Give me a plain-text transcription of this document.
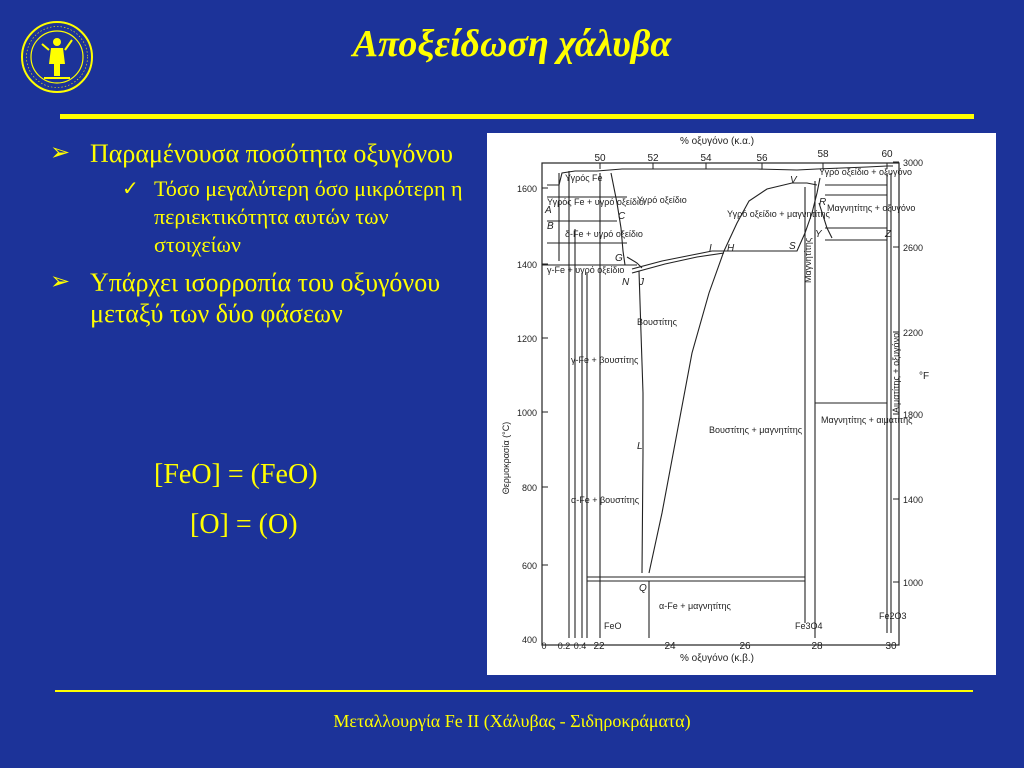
Αποξείδωση χάλυβα
➢ Παραμένουσα ποσότητα οξυγόνου
✓ Τόσο μεγαλύτερη όσο μικρότερη η περιεκτικότητα αυτών των στοιχείων
➢ Υπάρχει ισορροπία του οξυγόνου μεταξύ των δύο φάσεων
[FeO] = (FeO)
[O] = (O)
% οξυγόνο (κ.α.)
% οξυγόνο (κ.β.)
Θερμοκρασία (°C)
°F
50	52	54	56	58	60
0 0.2 0.4 22	24	26	28	30
1600
1400
1200
1000
800
600
400
3000
2600
2200
1800
1400
1000
FeO	Fe3O4
Fe2O3
A
B
C
G
N J
I H	S
V
R
Y	Z
L
Q
Υγρός Fe
Υγρός Fe + υγρό οξείδιο
Υγρό οξείδιο
δ-Fe + υγρό οξείδιο
γ-Fe + υγρό οξείδιο
γ-Fe + βουστίτης
Υγρό οξείδιο + μαγνητίτης
Υγρό οξείδιο + οξυγόνο
Μαγνητίτης + οξυγόνο
Μαγνητίτης
Βουστίτης
Βουστίτης + μαγνητίτης
Μαγνητίτης + αιματίτης
Αιματίτης + οξυγόνο
α-Fe + βουστίτης
α-Fe + μαγνητίτης
Μεταλλουργία Fe II (Χάλυβας - Σιδηροκράματα)
